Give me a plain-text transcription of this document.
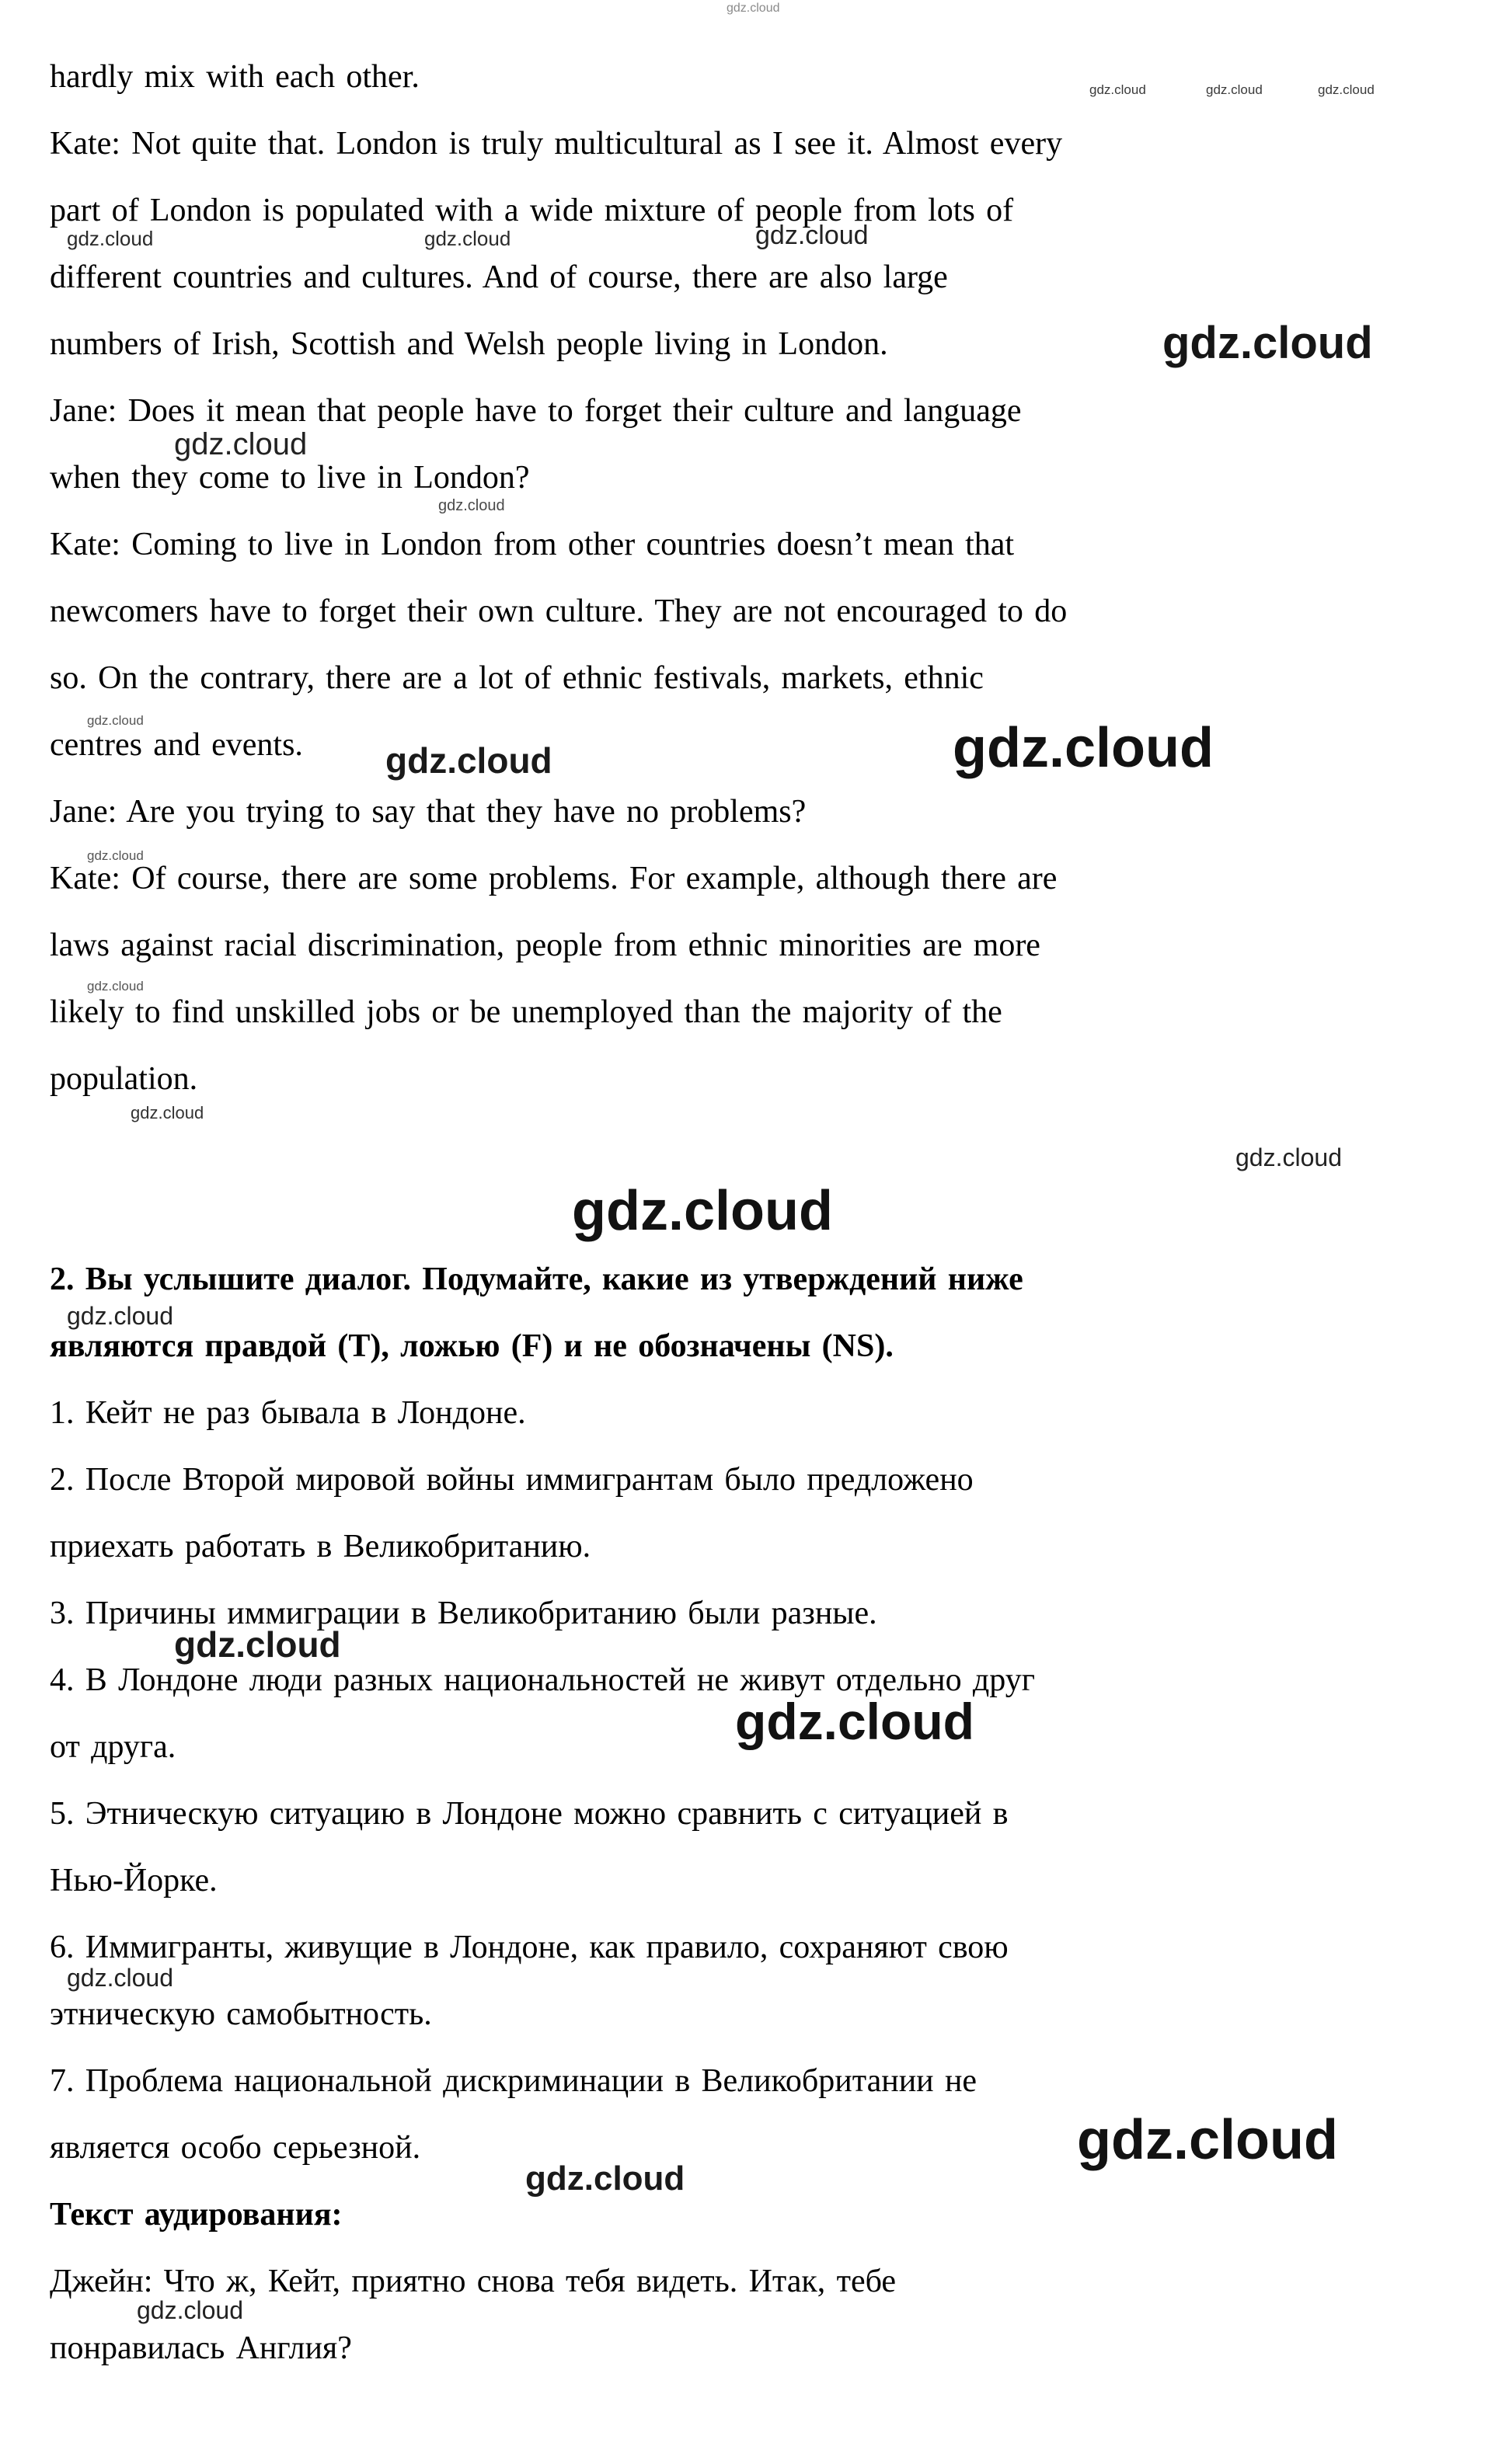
gdz.cloud
gdz.cloud	gdz.cloud	gdz.cloud
gdz.cloud	gdz.cloud	gdz.cloud
gdz.cloud
gdz.cloud
gdz.cloud
gdz.cloud
gdz.cloud	gdz.cloud
gdz.cloud
gdz.cloud
gdz.cloud
gdz.cloud
gdz.cloud
gdz.cloud
gdz.cloud
gdz.cloud
gdz.cloud
gdz.cloud
gdz.cloud
gdz.cloud
hardly mix with each other.
Kate: Not quite that. London is truly multicultural as I see it. Almost every
part of London is populated with a wide mixture of people from lots of
different countries and cultures. And of course, there are also large
numbers of Irish, Scottish and Welsh people living in London.
Jane: Does it mean that people have to forget their culture and language
when they come to live in London?
Kate: Coming to live in London from other countries doesn’t mean that
newcomers have to forget their own culture. They are not encouraged to do
so. On the contrary, there are a lot of ethnic festivals, markets, ethnic
centres and events.
Jane: Are you trying to say that they have no problems?
Kate: Of course, there are some problems. For example, although there are
laws against racial discrimination, people from ethnic minorities are more
likely to find unskilled jobs or be unemployed than the majority of the
population.
2. Вы услышите диалог. Подумайте, какие из утверждений ниже
являются правдой (T), ложью (F) и не обозначены (NS).
1. Кейт не раз бывала в Лондоне.
2. После Второй мировой войны иммигрантам было предложено
приехать работать в Великобританию.
3. Причины иммиграции в Великобританию были разные.
4. В Лондоне люди разных национальностей не живут отдельно друг
от друга.
5. Этническую ситуацию в Лондоне можно сравнить с ситуацией в
Нью-Йорке.
6. Иммигранты, живущие в Лондоне, как правило, сохраняют свою
этническую самобытность.
7. Проблема национальной дискриминации в Великобритании не
является особо серьезной.
Текст аудирования:
Джейн: Что ж, Кейт, приятно снова тебя видеть. Итак, тебе
понравилась Англия?
